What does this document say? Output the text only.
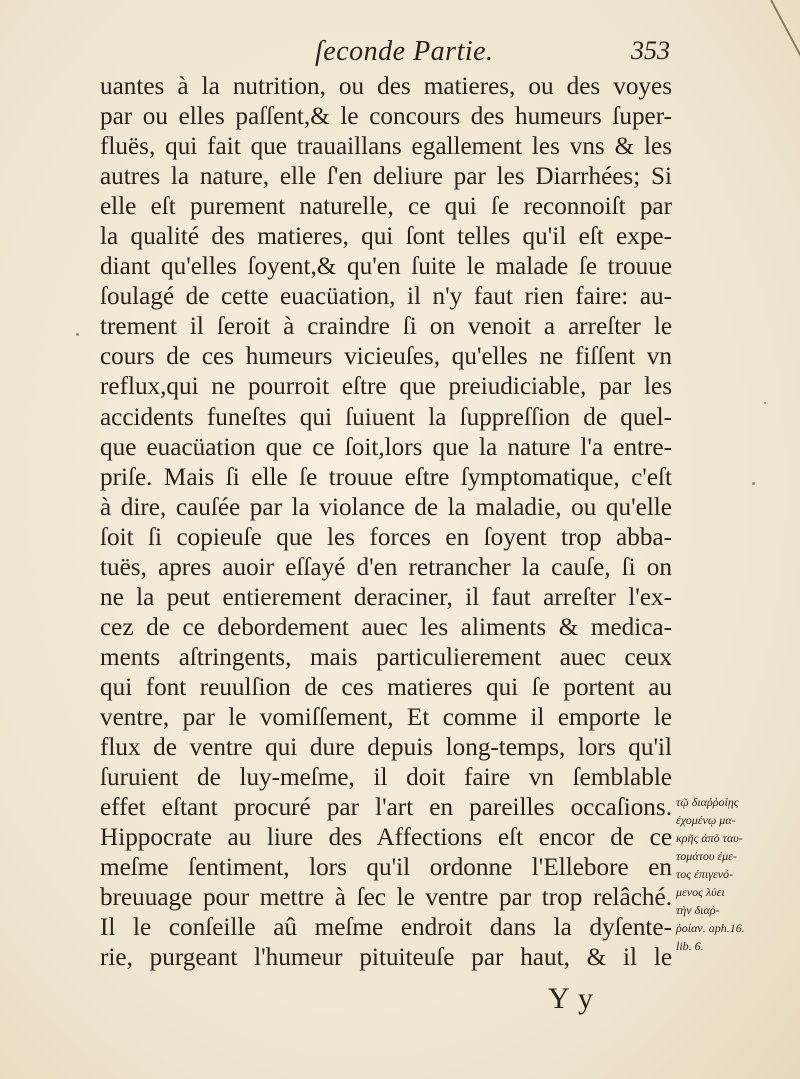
ſeconde Partie.	353
uantes à la nutrition, ou des matieres, ou des voyes
par ou elles paſſent,& le concours des humeurs ſuper-
fluës, qui fait que trauaillans egallement les vns & les
autres la nature, elle ſ'en deliure par les Diarrhées; Si
elle eſt purement naturelle, ce qui ſe reconnoiſt par
la qualité des matieres, qui ſont telles qu'il eſt expe-
diant qu'elles ſoyent,& qu'en ſuite le malade ſe trouue
ſoulagé de cette euacüation, il n'y faut rien faire: au-
trement il ſeroit à craindre ſi on venoit a arreſter le
cours de ces humeurs vicieuſes, qu'elles ne fiſſent vn
reflux,qui ne pourroit eſtre que preiudiciable, par les
accidents funeſtes qui ſuiuent la ſuppreſſion de quel-
que euacüation que ce ſoit,lors que la nature l'a entre-
priſe. Mais ſi elle ſe trouue eſtre ſymptomatique, c'eſt
à dire, cauſée par la violance de la maladie, ou qu'elle
ſoit ſi copieuſe que les forces en ſoyent trop abba-
tuës, apres auoir eſſayé d'en retrancher la cauſe, ſi on
ne la peut entierement deraciner, il faut arreſter l'ex-
cez de ce debordement auec les aliments & medica-
ments aſtringents, mais particulierement auec ceux
qui font reuulſion de ces matieres qui ſe portent au
ventre, par le vomiſſement, Et comme il emporte le
flux de ventre qui dure depuis long-temps, lors qu'il
ſuruient de luy-meſme, il doit faire vn ſemblable
effet eſtant procuré par l'art en pareilles occaſions.
Hippocrate au liure des Affections eſt encor de ce
meſme ſentiment, lors qu'il ordonne l'Ellebore en
breuuage pour mettre à ſec le ventre par trop relâché.
Il le conſeille aû meſme endroit dans la dyſente-
rie, purgeant l'humeur pituiteuſe par haut, & il le
τῷ διαῤῥοίῃς
ἐχομένῳ μα-
κρῆς ἀπὸ ταυ-
τομάτου ἐμε-
τος ἐπιγενό-
μενος λύει
τὴν διαῤ-
ῥοίαν. aph.16.
lib. 6.
Y y
